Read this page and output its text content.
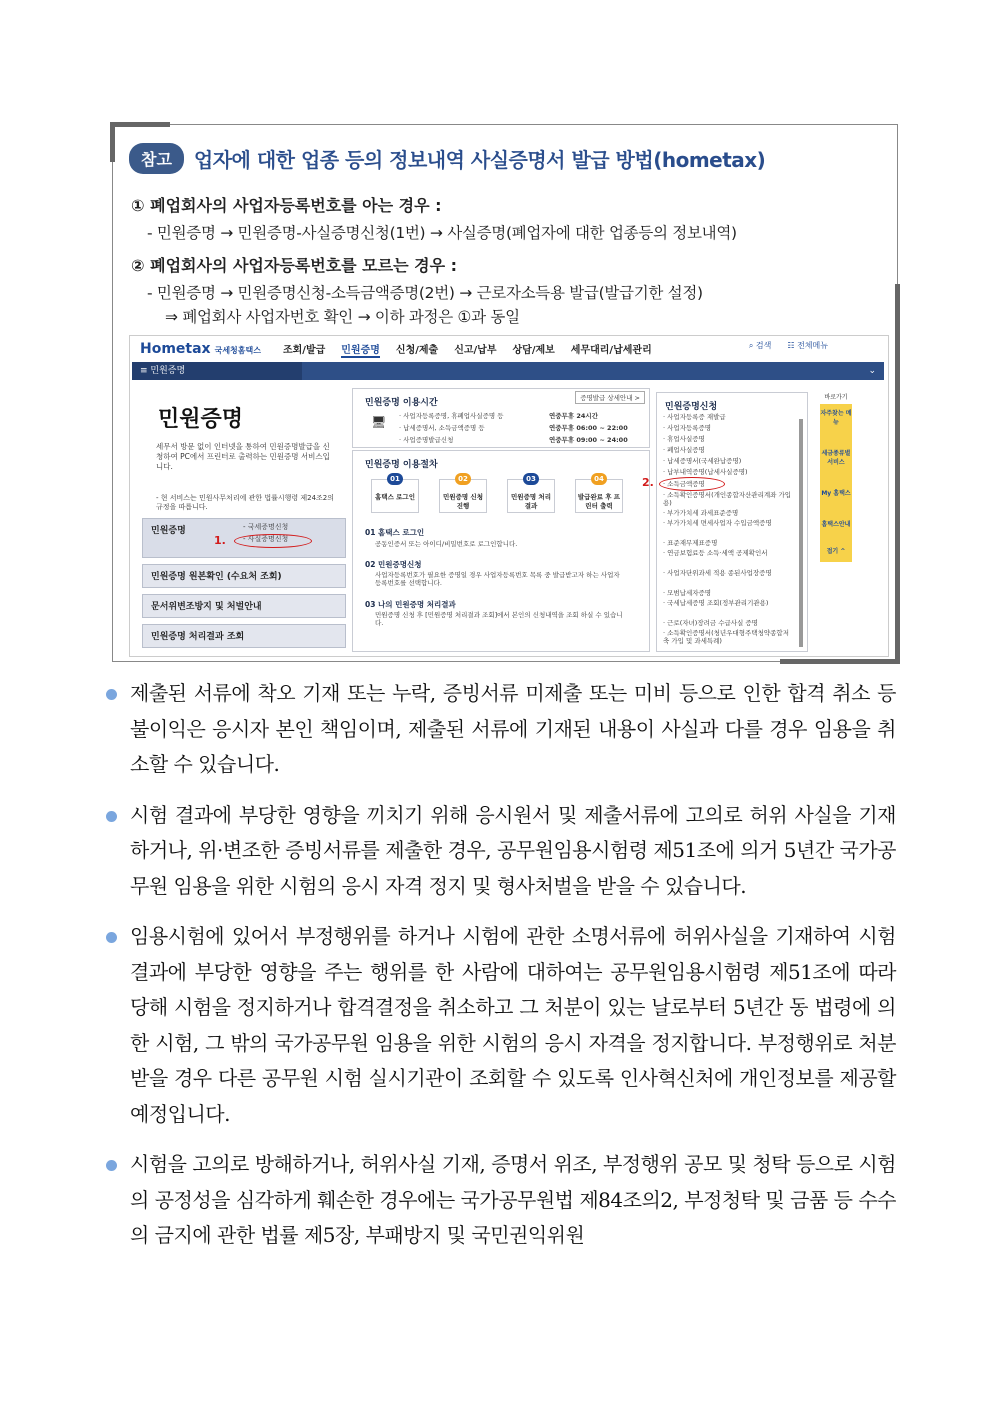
참고	업자에 대한 업종 등의 정보내역 사실증명서 발급 방법(hometax)
① 폐업회사의 사업자등록번호를 아는 경우 :
- 민원증명 → 민원증명-사실증명신청(1번) → 사실증명(폐업자에 대한 업종등의 정보내역)
② 폐업회사의 사업자등록번호를 모르는 경우 :
- 민원증명 → 민원증명신청-소득금액증명(2번) → 근로자소득용 발급(발급기한 설정)
⇒ 폐업회사 사업자번호 확인 → 이하 과정은 ①과 동일
Hometax 국세청홈택스 조회/발급 민원증명 신청/제출 신고/납부 상담/제보 세무대리/납세관리	⌕ 검색 ☷ 전체메뉴
≡ 민원증명	⌄
민원증명
세무서 방문 없이 인터넷을 통하여 민원증명발급을 신청하여 PC에서 프린터로 출력하는 민원증명 서비스입니다.
- 현 서비스는 민원사무처리에 관한 법률시행령 제24조2의 규정을 따릅니다.
민원증명	- 국세증명신청
- 사실증명신청
1.
민원증명 원본확인 (수요처 조회)
문서위변조방지 및 처벌안내
민원증명 처리결과 조회
민원증명 이용시간	증명발급 상세안내 >
🖥 · 사업자등록증명, 휴폐업사실증명 등	연중무휴 24시간
· 납세증명서, 소득금액증명 등	연중무휴 06:00 ~ 22:00
· 사업증명발급신청	연중무휴 09:00 ~ 24:00
민원증명 이용절차
홈택스 로그인
01
민원증명 신청진행
02
민원증명 처리결과
03
발급완료 후 프린터 출력
04
01 홈택스 로그인
공동인증서 또는 아이디/비밀번호로 로그인합니다.
02 민원증명신청
사업자등록번호가 필요한 증명일 경우 사업자등록번호 목록 중 발급받고자 하는 사업자등록번호를 선택합니다.
03 나의 민원증명 처리결과
민원증명 신청 후 [민원증명 처리결과 조회]에서 본인의 신청내역을 조회 하실 수 있습니다.
민원증명신청
· 사업자등록증 재발급
· 사업자등록증명
· 휴업사실증명
· 폐업사실증명
· 납세증명서(국세완납증명)
· 납부내역증명(납세사실증명)
· 소득금액증명
· 소득확인증명서(개인종합자산관리계좌 가입용)
· 부가가치세 과세표준증명
· 부가가치세 면세사업자 수입금액증명
· 표준재무제표증명
· 연금보험료등 소득·세액 공제확인서
· 사업자단위과세 적용 종된사업장증명
· 모범납세자증명
· 국세납세증명 조회(정부관리기관용)
· 근로(자녀)장려금 수급사실 증명
· 소득확인증명서(청년우대형주택청약종합저축 가입 및 과세특례)
2.
바로가기
자주찾는 메뉴
세금종류별 서비스
My 홈택스
홈택스안내
접기 ^
제출된 서류에 착오 기재 또는 누락, 증빙서류 미제출 또는 미비 등으로 인한 합격 취소 등 불이익은 응시자 본인 책임이며, 제출된 서류에 기재된 내용이 사실과 다를 경우 임용을 취소할 수 있습니다.
시험 결과에 부당한 영향을 끼치기 위해 응시원서 및 제출서류에 고의로 허위 사실을 기재하거나, 위·변조한 증빙서류를 제출한 경우, 공무원임용시험령 제51조에 의거 5년간 국가공무원 임용을 위한 시험의 응시 자격 정지 및 형사처벌을 받을 수 있습니다.
임용시험에 있어서 부정행위를 하거나 시험에 관한 소명서류에 허위사실을 기재하여 시험결과에 부당한 영향을 주는 행위를 한 사람에 대하여는 공무원임용시험령 제51조에 따라 당해 시험을 정지하거나 합격결정을 취소하고 그 처분이 있는 날로부터 5년간 동 법령에 의한 시험, 그 밖의 국가공무원 임용을 위한 시험의 응시 자격을 정지합니다. 부정행위로 처분받을 경우 다른 공무원 시험 실시기관이 조회할 수 있도록 인사혁신처에 개인정보를 제공할 예정입니다.
시험을 고의로 방해하거나, 허위사실 기재, 증명서 위조, 부정행위 공모 및 청탁 등으로 시험의 공정성을 심각하게 훼손한 경우에는 국가공무원법 제84조의2, 부정청탁 및 금품 등 수수의 금지에 관한 법률 제5장, 부패방지 및 국민권익위원
